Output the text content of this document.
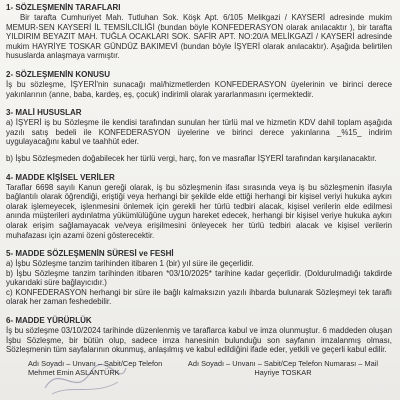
1- SÖZLEŞMENİN TARAFLARI

Bir tarafta Cumhuriyet Mah. Tutluhan Sok. Köşk Apt. 6/105 Melikgazi / KAYSERİ adresinde mukim MEMUR-SEN KAYSERİ İL TEMSİLCİLİĞİ (bundan böyle KONFEDERASYON olarak anılacaktır ), bir tarafta YILDIRIM BEYAZIT MAH. TUĞLA OCAKLARI SOK. SAFİR APT. NO:20/A MELİKGAZİ / KAYSERİ adresinde mukim HAYRİYE TOSKAR GÜNDÜZ BAKIMEVİ (bundan böyle İŞYERİ olarak anılacaktır). Aşağıda belirtilen hususlarda anlaşmaya varmıştır.

2- SÖZLEŞMENİN KONUSU

İş bu sözleşme, İŞYERİ'nin sunacağı mal/hizmetlerden KONFEDERASYON üyelerinin ve birinci derece yakınlarının (anne, baba, kardeş, eş, çocuk) indirimli olarak yararlanmasını içermektedir.

3- MALİ HUSUSLAR

a) İŞYERİ iş bu Sözleşme ile kendisi tarafından sunulan her türlü mal ve hizmetin KDV dahil toplam aşağıda yazılı satış bedeli ile KONFEDERASYON üyelerine ve birinci derece yakınlarına _%15_ indirim uygulayacağını kabul ve taahhüt eder.

b) İşbu Sözleşmeden doğabilecek her türlü vergi, harç, fon ve masraflar İŞYERİ tarafından karşılanacaktır.

4- MADDE KİŞİSEL VERİLER

Taraflar 6698 sayılı Kanun gereği olarak, iş bu sözleşmenin ifası sırasında veya iş bu sözleşmenin ifasıyla bağlantılı olarak öğrendiği, eriştiği veya herhangi bir şekilde elde ettiği herhangi bir kişisel veriyi hukuka aykırı olarak işlemeyecek, işlenmesini önlemek için gerekli her türlü tedbiri alacak, kişisel verilerin elde edilmesi anında müşterileri aydınlatma yükümlülüğüne uygun hareket edecek, herhangi bir kişisel veriye hukuka aykırı olarak erişim sağlamayacak ve/veya erişilmesini önleyecek her türlü tedbiri alacak ve kişisel verilerin muhafazası için azami özeni gösterecektir.

5- MADDE SÖZLEŞMENİN SÜRESİ ve FESHİ

a) İşbu Sözleşme tanzim tarihinden itibaren 1 (bir) yıl süre ile geçerlidir.

b) İşbu Sözleşme tanzim tarihinden itibaren *03/10/2025* tarihine kadar geçerlidir. (Doldurulmadığı takdirde yukarıdaki süre bağlayıcıdır.)

c) KONFEDERASYON herhangi bir süre ile bağlı kalmaksızın yazılı ihbarda bulunarak Sözleşmeyi tek taraflı olarak her zaman feshedebilir.

6- MADDE YÜRÜRLÜK

İş bu sözleşme 03/10/2024 tarihinde düzenlenmiş ve taraflarca kabul ve imza olunmuştur. 6 maddeden oluşan İşbu Sözleşme, bir bütün olup, sadece imza hanesinin bulunduğu son sayfanın imzalanmış olması, Sözleşmenin tüm sayfalarının okunmuş, anlaşılmış ve kabul edildiğini ifade eder, yetkili ve geçerli kabul edilir.

Adı Soyadı – Unvanı – Sabit/Cep Telefon
Mehmet Emin ASLANTÜRK
Adı Soyadı – Unvanı – Sabit/Cep Telefon Numarası – Mail
Hayriye TOSKAR
